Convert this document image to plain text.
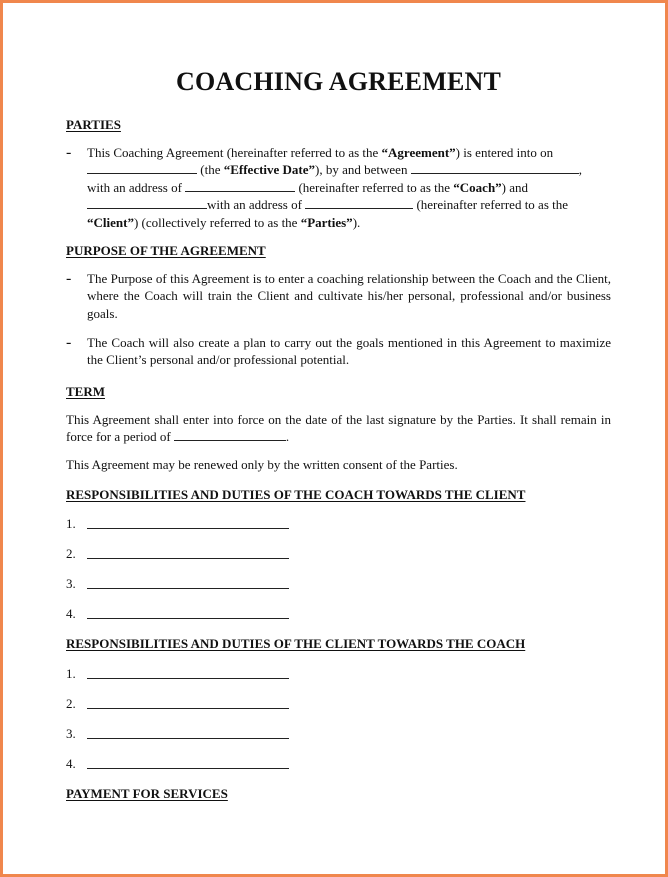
COACHING AGREEMENT
PARTIES
- This Coaching Agreement (hereinafter referred to as the “Agreement”) is entered into on
(the “Effective Date”), by and between	,
with an address of	(hereinafter referred to as the “Coach”) and
with an address of	(hereinafter referred to as the
“Client”) (collectively referred to as the “Parties”).

PURPOSE OF THE AGREEMENT
- The Purpose of this Agreement is to enter a coaching relationship between the Coach and the Client, where the Coach will train the Client and cultivate his/her personal, professional and/or business goals.

- The Coach will also create a plan to carry out the goals mentioned in this Agreement to maximize the Client’s personal and/or professional potential.

TERM

This Agreement shall enter into force on the date of the last signature by the Parties. It shall remain in force for a period of	.

This Agreement may be renewed only by the written consent of the Parties.

RESPONSIBILITIES AND DUTIES OF THE COACH TOWARDS THE CLIENT
1.
2.
3.
4.
RESPONSIBILITIES AND DUTIES OF THE CLIENT TOWARDS THE COACH
1.
2.
3.
4.
PAYMENT FOR SERVICES
